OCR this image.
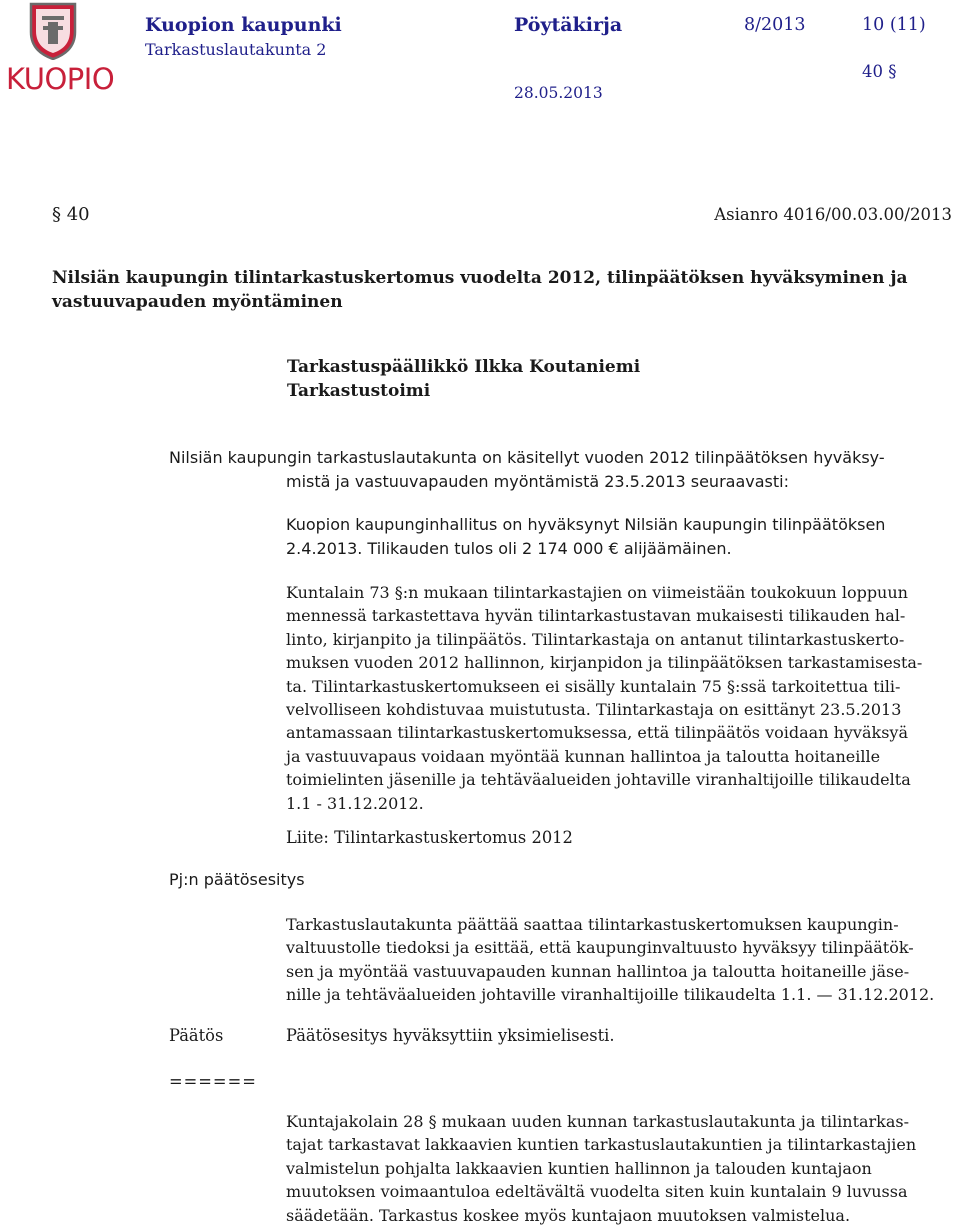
KUOPIO
Kuopion kaupunki
Tarkastuslautakunta 2
Pöytäkirja	8/2013	10 (11)
40 §
28.05.2013
§ 40	Asianro 4016/00.03.00/2013
Nilsiän kaupungin tilintarkastuskertomus vuodelta 2012, tilinpäätöksen hyväksyminen ja
vastuuvapauden myöntäminen
Tarkastuspäällikkö Ilkka Koutaniemi
Tarkastustoimi
Nilsiän kaupungin tarkastuslautakunta on käsitellyt vuoden 2012 tilinpäätöksen hyväksy-
mistä ja vastuuvapauden myöntämistä 23.5.2013 seuraavasti:
Kuopion kaupunginhallitus on hyväksynyt Nilsiän kaupungin tilinpäätöksen
2.4.2013. Tilikauden tulos oli 2 174 000 € alijäämäinen.
Kuntalain 73 §:n mukaan tilintarkastajien on viimeistään toukokuun loppuun
mennessä tarkastettava hyvän tilintarkastustavan mukaisesti tilikauden hal-
linto, kirjanpito ja tilinpäätös. Tilintarkastaja on antanut tilintarkastuskerto-
muksen vuoden 2012 hallinnon, kirjanpidon ja tilinpäätöksen tarkastamisesta-
ta. Tilintarkastuskertomukseen ei sisälly kuntalain 75 §:ssä tarkoitettua tili-
velvolliseen kohdistuvaa muistutusta. Tilintarkastaja on esittänyt 23.5.2013
antamassaan tilintarkastuskertomuksessa, että tilinpäätös voidaan hyväksyä
ja vastuuvapaus voidaan myöntää kunnan hallintoa ja taloutta hoitaneille
toimielinten jäsenille ja tehtäväalueiden johtaville viranhaltijoille tilikaudelta
1.1 - 31.12.2012.
Liite: Tilintarkastuskertomus 2012
Pj:n päätösesitys
Tarkastuslautakunta päättää saattaa tilintarkastuskertomuksen kaupungin-
valtuustolle tiedoksi ja esittää, että kaupunginvaltuusto hyväksyy tilinpäätök-
sen ja myöntää vastuuvapauden kunnan hallintoa ja taloutta hoitaneille jäse-
nille ja tehtäväalueiden johtaville viranhaltijoille tilikaudelta 1.1. — 31.12.2012.
Päätös	Päätösesitys hyväksyttiin yksimielisesti.
======
Kuntajakolain 28 § mukaan uuden kunnan tarkastuslautakunta ja tilintarkas-
tajat tarkastavat lakkaavien kuntien tarkastuslautakuntien ja tilintarkastajien
valmistelun pohjalta lakkaavien kuntien hallinnon ja talouden kuntajaon
muutoksen voimaantuloa edeltävältä vuodelta siten kuin kuntalain 9 luvussa
säädetään. Tarkastus koskee myös kuntajaon muutoksen valmistelua.
